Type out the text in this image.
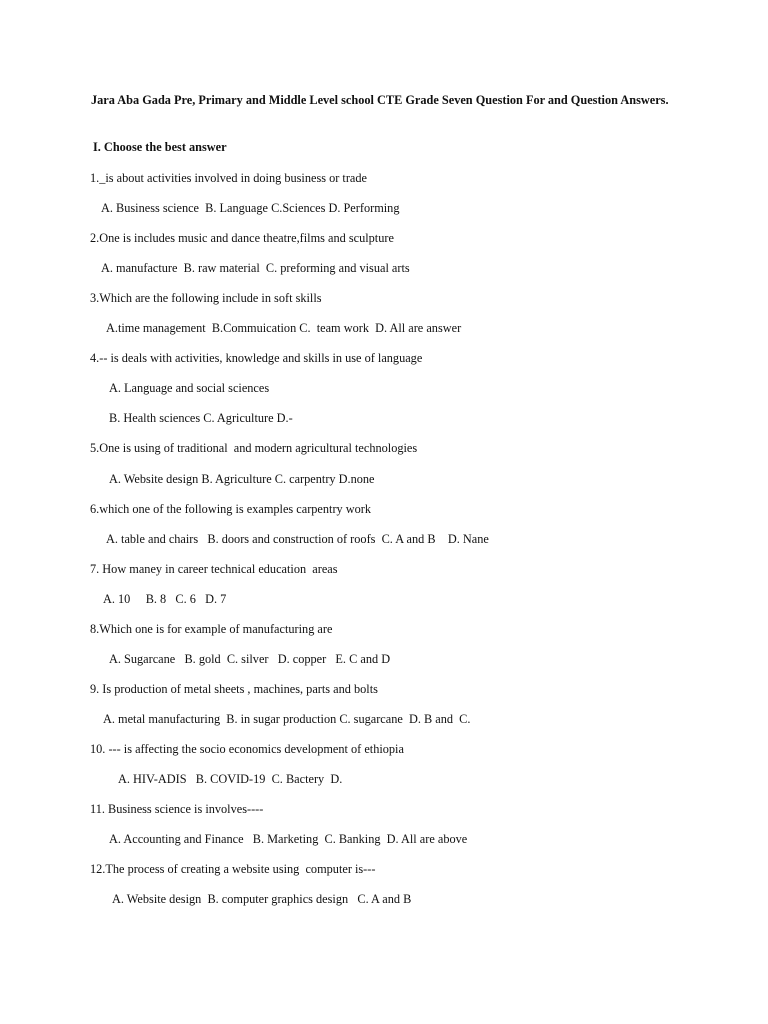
Jara Aba Gada Pre, Primary and Middle Level school CTE Grade Seven Question For and Question Answers.
I. Choose the best answer
1._is about activities involved in doing business or trade
A. Business science  B. Language C.Sciences D. Performing
2.One is includes music and dance theatre,films and sculpture
A. manufacture  B. raw material  C. preforming and visual arts
3.Which are the following include in soft skills
A.time management  B.Commuication C.  team work  D. All are answer
4.-- is deals with activities, knowledge and skills in use of language
A. Language and social sciences
B. Health sciences C. Agriculture D.-
5.One is using of traditional  and modern agricultural technologies
A. Website design B. Agriculture C. carpentry D.none
6.which one of the following is examples carpentry work
A. table and chairs   B. doors and construction of roofs  C. A and B    D. Nane
7. How maney in career technical education  areas
A. 10     B. 8   C. 6   D. 7
8.Which one is for example of manufacturing are
A. Sugarcane   B. gold  C. silver   D. copper   E. C and D
9. Is production of metal sheets , machines, parts and bolts
A. metal manufacturing  B. in sugar production C. sugarcane  D. B and  C.
10. --- is affecting the socio economics development of ethiopia
A. HIV-ADIS   B. COVID-19  C. Bactery  D.
11. Business science is involves----
A. Accounting and Finance   B. Marketing  C. Banking  D. All are above
12.The process of creating a website using  computer is---
A. Website design  B. computer graphics design   C. A and B
